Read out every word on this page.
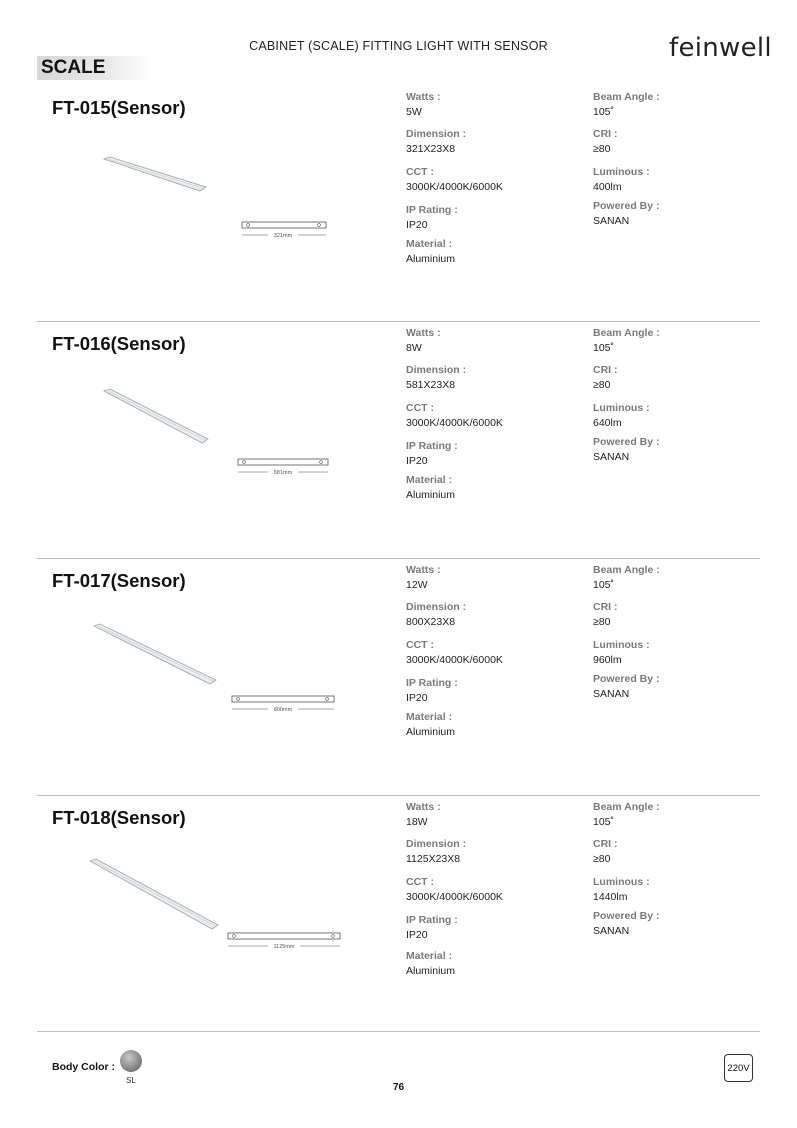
CABINET (SCALE) FITTING LIGHT WITH SENSOR	feinwell
SCALE
FT-015(Sensor)
321mm
Watts :
5W
Dimension :
321X23X8
CCT :
3000K/4000K/6000K
IP Rating :
IP20
Material :
Aluminium
Beam Angle :
105˚
CRI :
≥80
Luminous :
400lm
Powered By :
SANAN
FT-016(Sensor)
581mm
Watts :
8W
Dimension :
581X23X8
CCT :
3000K/4000K/6000K
IP Rating :
IP20
Material :
Aluminium
Beam Angle :
105˚
CRI :
≥80
Luminous :
640lm
Powered By :
SANAN
FT-017(Sensor)
800mm
Watts :
12W
Dimension :
800X23X8
CCT :
3000K/4000K/6000K
IP Rating :
IP20
Material :
Aluminium
Beam Angle :
105˚
CRI :
≥80
Luminous :
960lm
Powered By :
SANAN
FT-018(Sensor)
1125mm
Watts :
18W
Dimension :
1125X23X8
CCT :
3000K/4000K/6000K
IP Rating :
IP20
Material :
Aluminium
Beam Angle :
105˚
CRI :
≥80
Luminous :
1440lm
Powered By :
SANAN
Body Color :
SL
76
220V
